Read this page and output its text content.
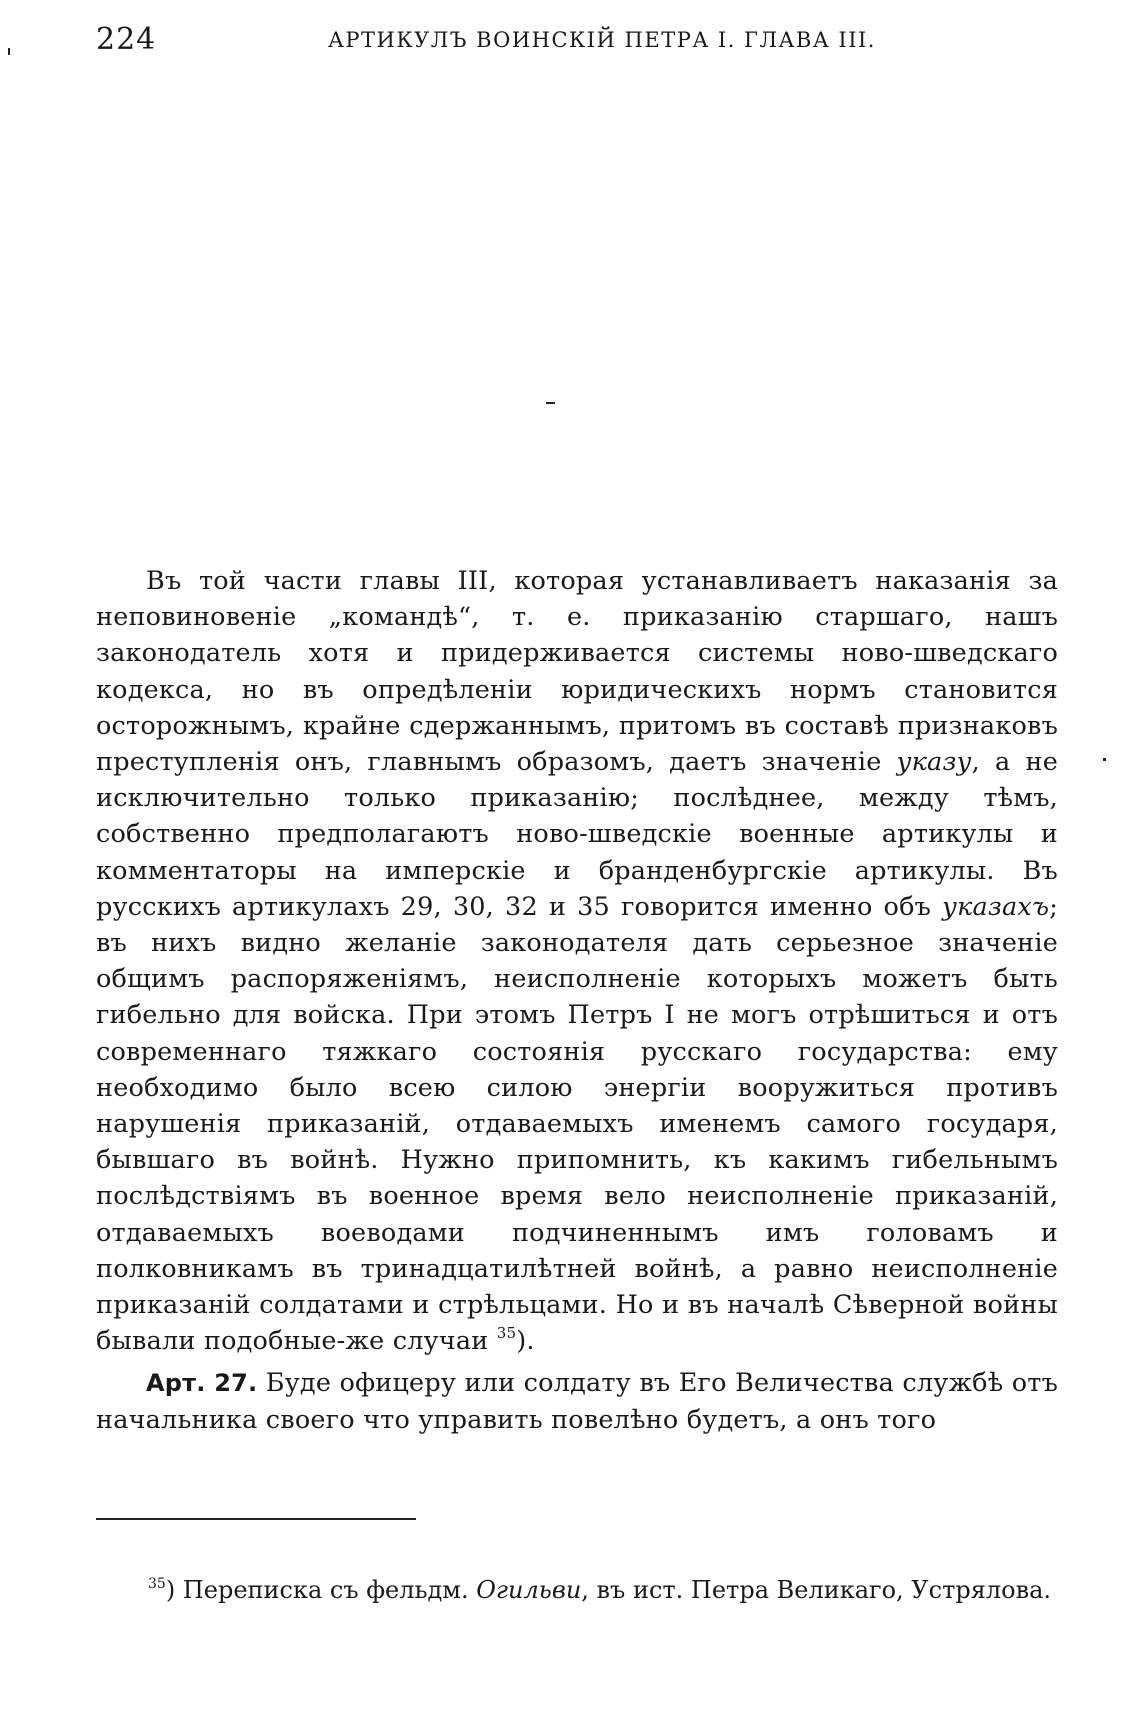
224	АРТИКУЛЪ ВОИНСКІЙ ПЕТРА I. ГЛАВА III.

Въ той части главы III, которая устанавливаетъ наказанія за неповиновеніе „командѣ“, т. е. приказанію старшаго, нашъ законодатель хотя и придерживается системы ново-шведскаго кодекса, но въ опредѣленіи юридическихъ нормъ становится осторожнымъ, крайне сдержаннымъ, притомъ въ составѣ признаковъ преступленія онъ, главнымъ образомъ, даетъ значеніе указу, а не исключительно только приказанію; послѣднее, между тѣмъ, собственно предполагаютъ ново-шведскіе военные артикулы и комментаторы на имперскіе и бранденбургскіе артикулы. Въ русскихъ артикулахъ 29, 30, 32 и 35 говорится именно объ указахъ; въ нихъ видно желаніе законодателя дать серьезное значеніе общимъ распоряженіямъ, неисполненіе которыхъ можетъ быть гибельно для войска. При этомъ Петръ I не могъ отрѣшиться и отъ современнаго тяжкаго состоянія русскаго государства: ему необходимо было всею силою энергіи вооружиться противъ нарушенія приказаній, отдаваемыхъ именемъ самого государя, бывшаго въ войнѣ. Нужно припомнить, къ какимъ гибельнымъ послѣдствіямъ въ военное время вело неисполненіе приказаній, отдаваемыхъ воеводами подчиненнымъ имъ головамъ и полковникамъ въ тринадцатилѣтней войнѣ, а равно неисполненіе приказаній солдатами и стрѣльцами. Но и въ началѣ Сѣверной войны бывали подобные-же случаи $^{35}$).

Арт. 27. Буде офицеру или солдату въ Его Величества службѣ отъ начальника своего что управить повелѣно будетъ, а онъ того

$^{35}$) Переписка съ фельдм. Огильви, въ ист. Петра Великаго, Устрялова.
